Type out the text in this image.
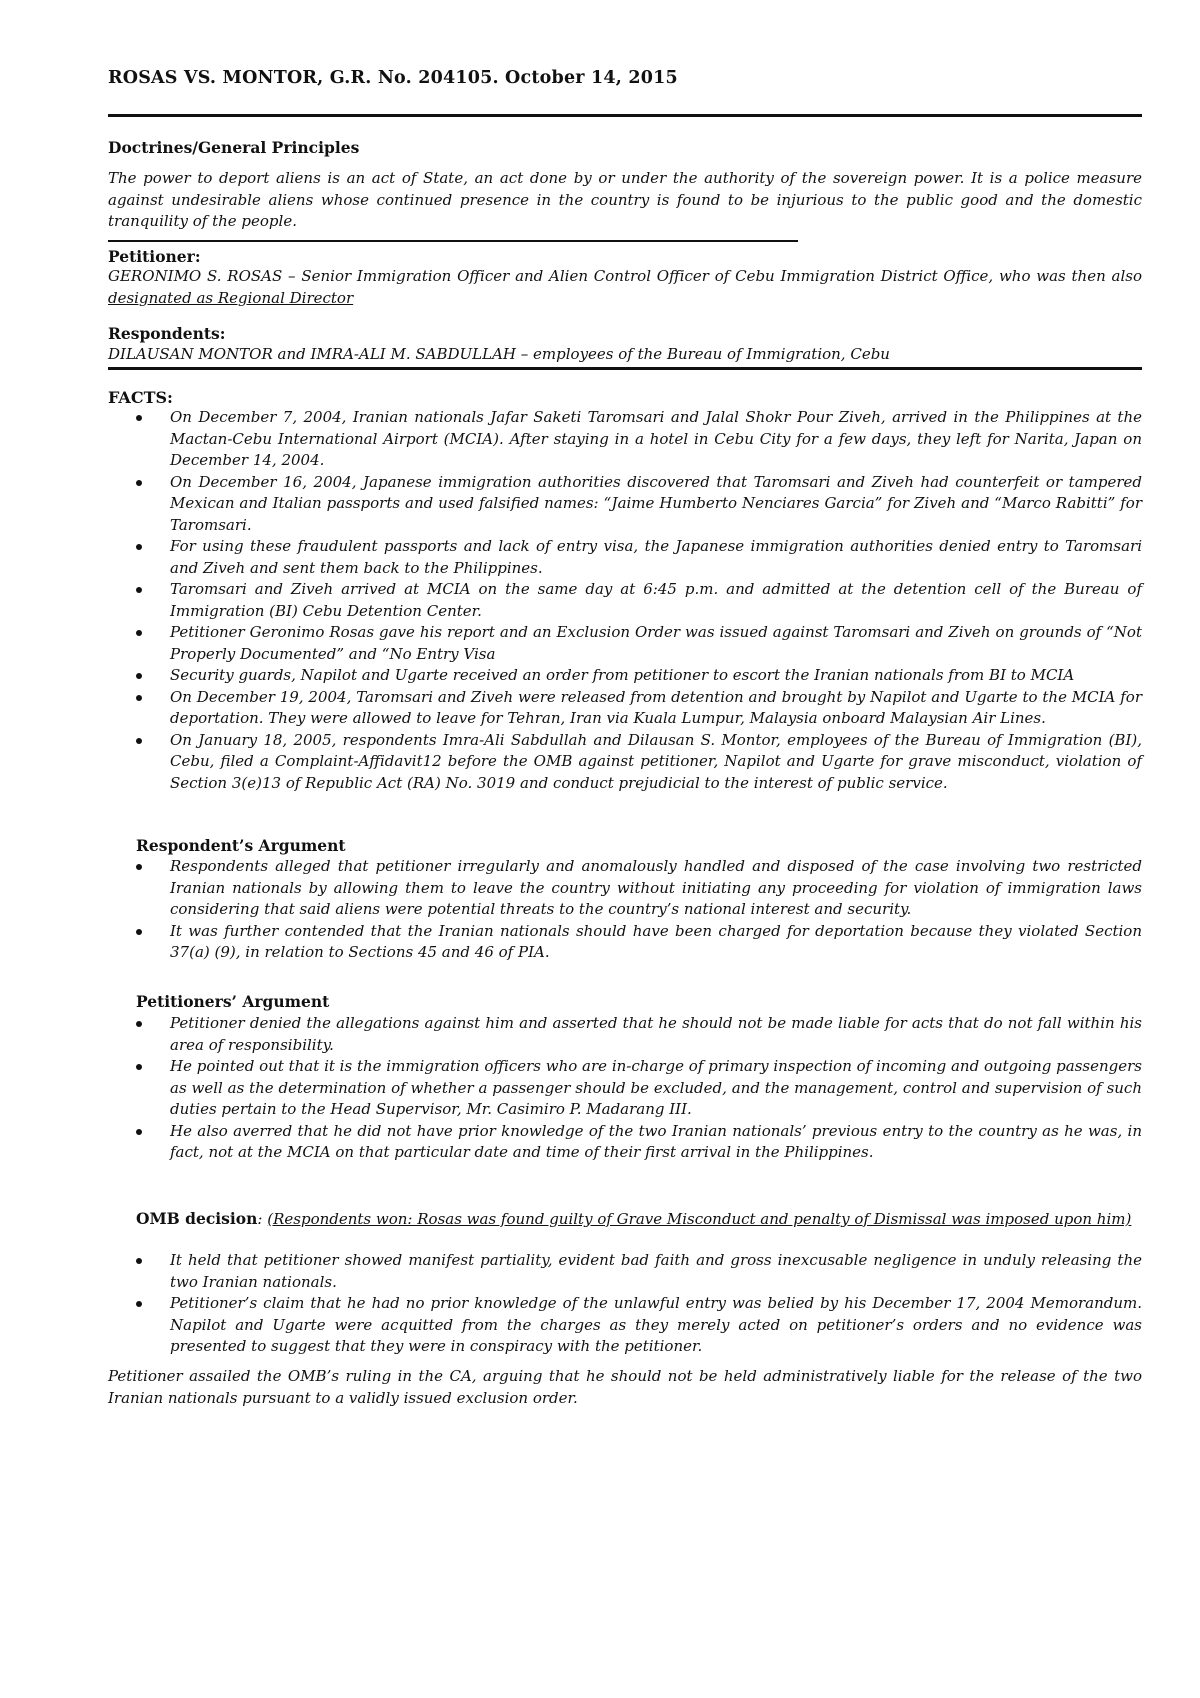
ROSAS VS. MONTOR, G.R. No. 204105. October 14, 2015
Doctrines/General Principles
The power to deport aliens is an act of State, an act done by or under the authority of the sovereign power. It is a police measure against undesirable aliens whose continued presence in the country is found to be injurious to the public good and the domestic tranquility of the people.
Petitioner:
GERONIMO S. ROSAS – Senior Immigration Officer and Alien Control Officer of Cebu Immigration District Office, who was then also designated as Regional Director
Respondents:
DILAUSAN MONTOR and IMRA-ALI M. SABDULLAH – employees of the Bureau of Immigration, Cebu
FACTS:
On December 7, 2004, Iranian nationals Jafar Saketi Taromsari and Jalal Shokr Pour Ziveh, arrived in the Philippines at the Mactan-Cebu International Airport (MCIA). After staying in a hotel in Cebu City for a few days, they left for Narita, Japan on December 14, 2004.
On December 16, 2004, Japanese immigration authorities discovered that Taromsari and Ziveh had counterfeit or tampered Mexican and Italian passports and used falsified names: “Jaime Humberto Nenciares Garcia” for Ziveh and “Marco Rabitti” for Taromsari.
For using these fraudulent passports and lack of entry visa, the Japanese immigration authorities denied entry to Taromsari and Ziveh and sent them back to the Philippines.
Taromsari and Ziveh arrived at MCIA on the same day at 6:45 p.m. and admitted at the detention cell of the Bureau of Immigration (BI) Cebu Detention Center.
Petitioner Geronimo Rosas gave his report and an Exclusion Order was issued against Taromsari and Ziveh on grounds of “Not Properly Documented” and “No Entry Visa
Security guards, Napilot and Ugarte received an order from petitioner to escort the Iranian nationals from BI to MCIA
On December 19, 2004, Taromsari and Ziveh were released from detention and brought by Napilot and Ugarte to the MCIA for deportation. They were allowed to leave for Tehran, Iran via Kuala Lumpur, Malaysia onboard Malaysian Air Lines.
On January 18, 2005, respondents Imra-Ali Sabdullah and Dilausan S. Montor, employees of the Bureau of Immigration (BI), Cebu, filed a Complaint-Affidavit12 before the OMB against petitioner, Napilot and Ugarte for grave misconduct, violation of Section 3(e)13 of Republic Act (RA) No. 3019 and conduct prejudicial to the interest of public service.
Respondent’s Argument
Respondents alleged that petitioner irregularly and anomalously handled and disposed of the case involving two restricted Iranian nationals by allowing them to leave the country without initiating any proceeding for violation of immigration laws considering that said aliens were potential threats to the country’s national interest and security.
It was further contended that the Iranian nationals should have been charged for deportation because they violated Section 37(a) (9), in relation to Sections 45 and 46 of PIA.
Petitioners’ Argument
Petitioner denied the allegations against him and asserted that he should not be made liable for acts that do not fall within his area of responsibility.
He pointed out that it is the immigration officers who are in-charge of primary inspection of incoming and outgoing passengers as well as the determination of whether a passenger should be excluded, and the management, control and supervision of such duties pertain to the Head Supervisor, Mr. Casimiro P. Madarang III.
He also averred that he did not have prior knowledge of the two Iranian nationals’ previous entry to the country as he was, in fact, not at the MCIA on that particular date and time of their first arrival in the Philippines.
OMB decision: (Respondents won: Rosas was found guilty of Grave Misconduct and penalty of Dismissal was imposed upon him)
It held that petitioner showed manifest partiality, evident bad faith and gross inexcusable negligence in unduly releasing the two Iranian nationals.
Petitioner’s claim that he had no prior knowledge of the unlawful entry was belied by his December 17, 2004 Memorandum. Napilot and Ugarte were acquitted from the charges as they merely acted on petitioner’s orders and no evidence was presented to suggest that they were in conspiracy with the petitioner.
Petitioner assailed the OMB’s ruling in the CA, arguing that he should not be held administratively liable for the release of the two Iranian nationals pursuant to a validly issued exclusion order.
